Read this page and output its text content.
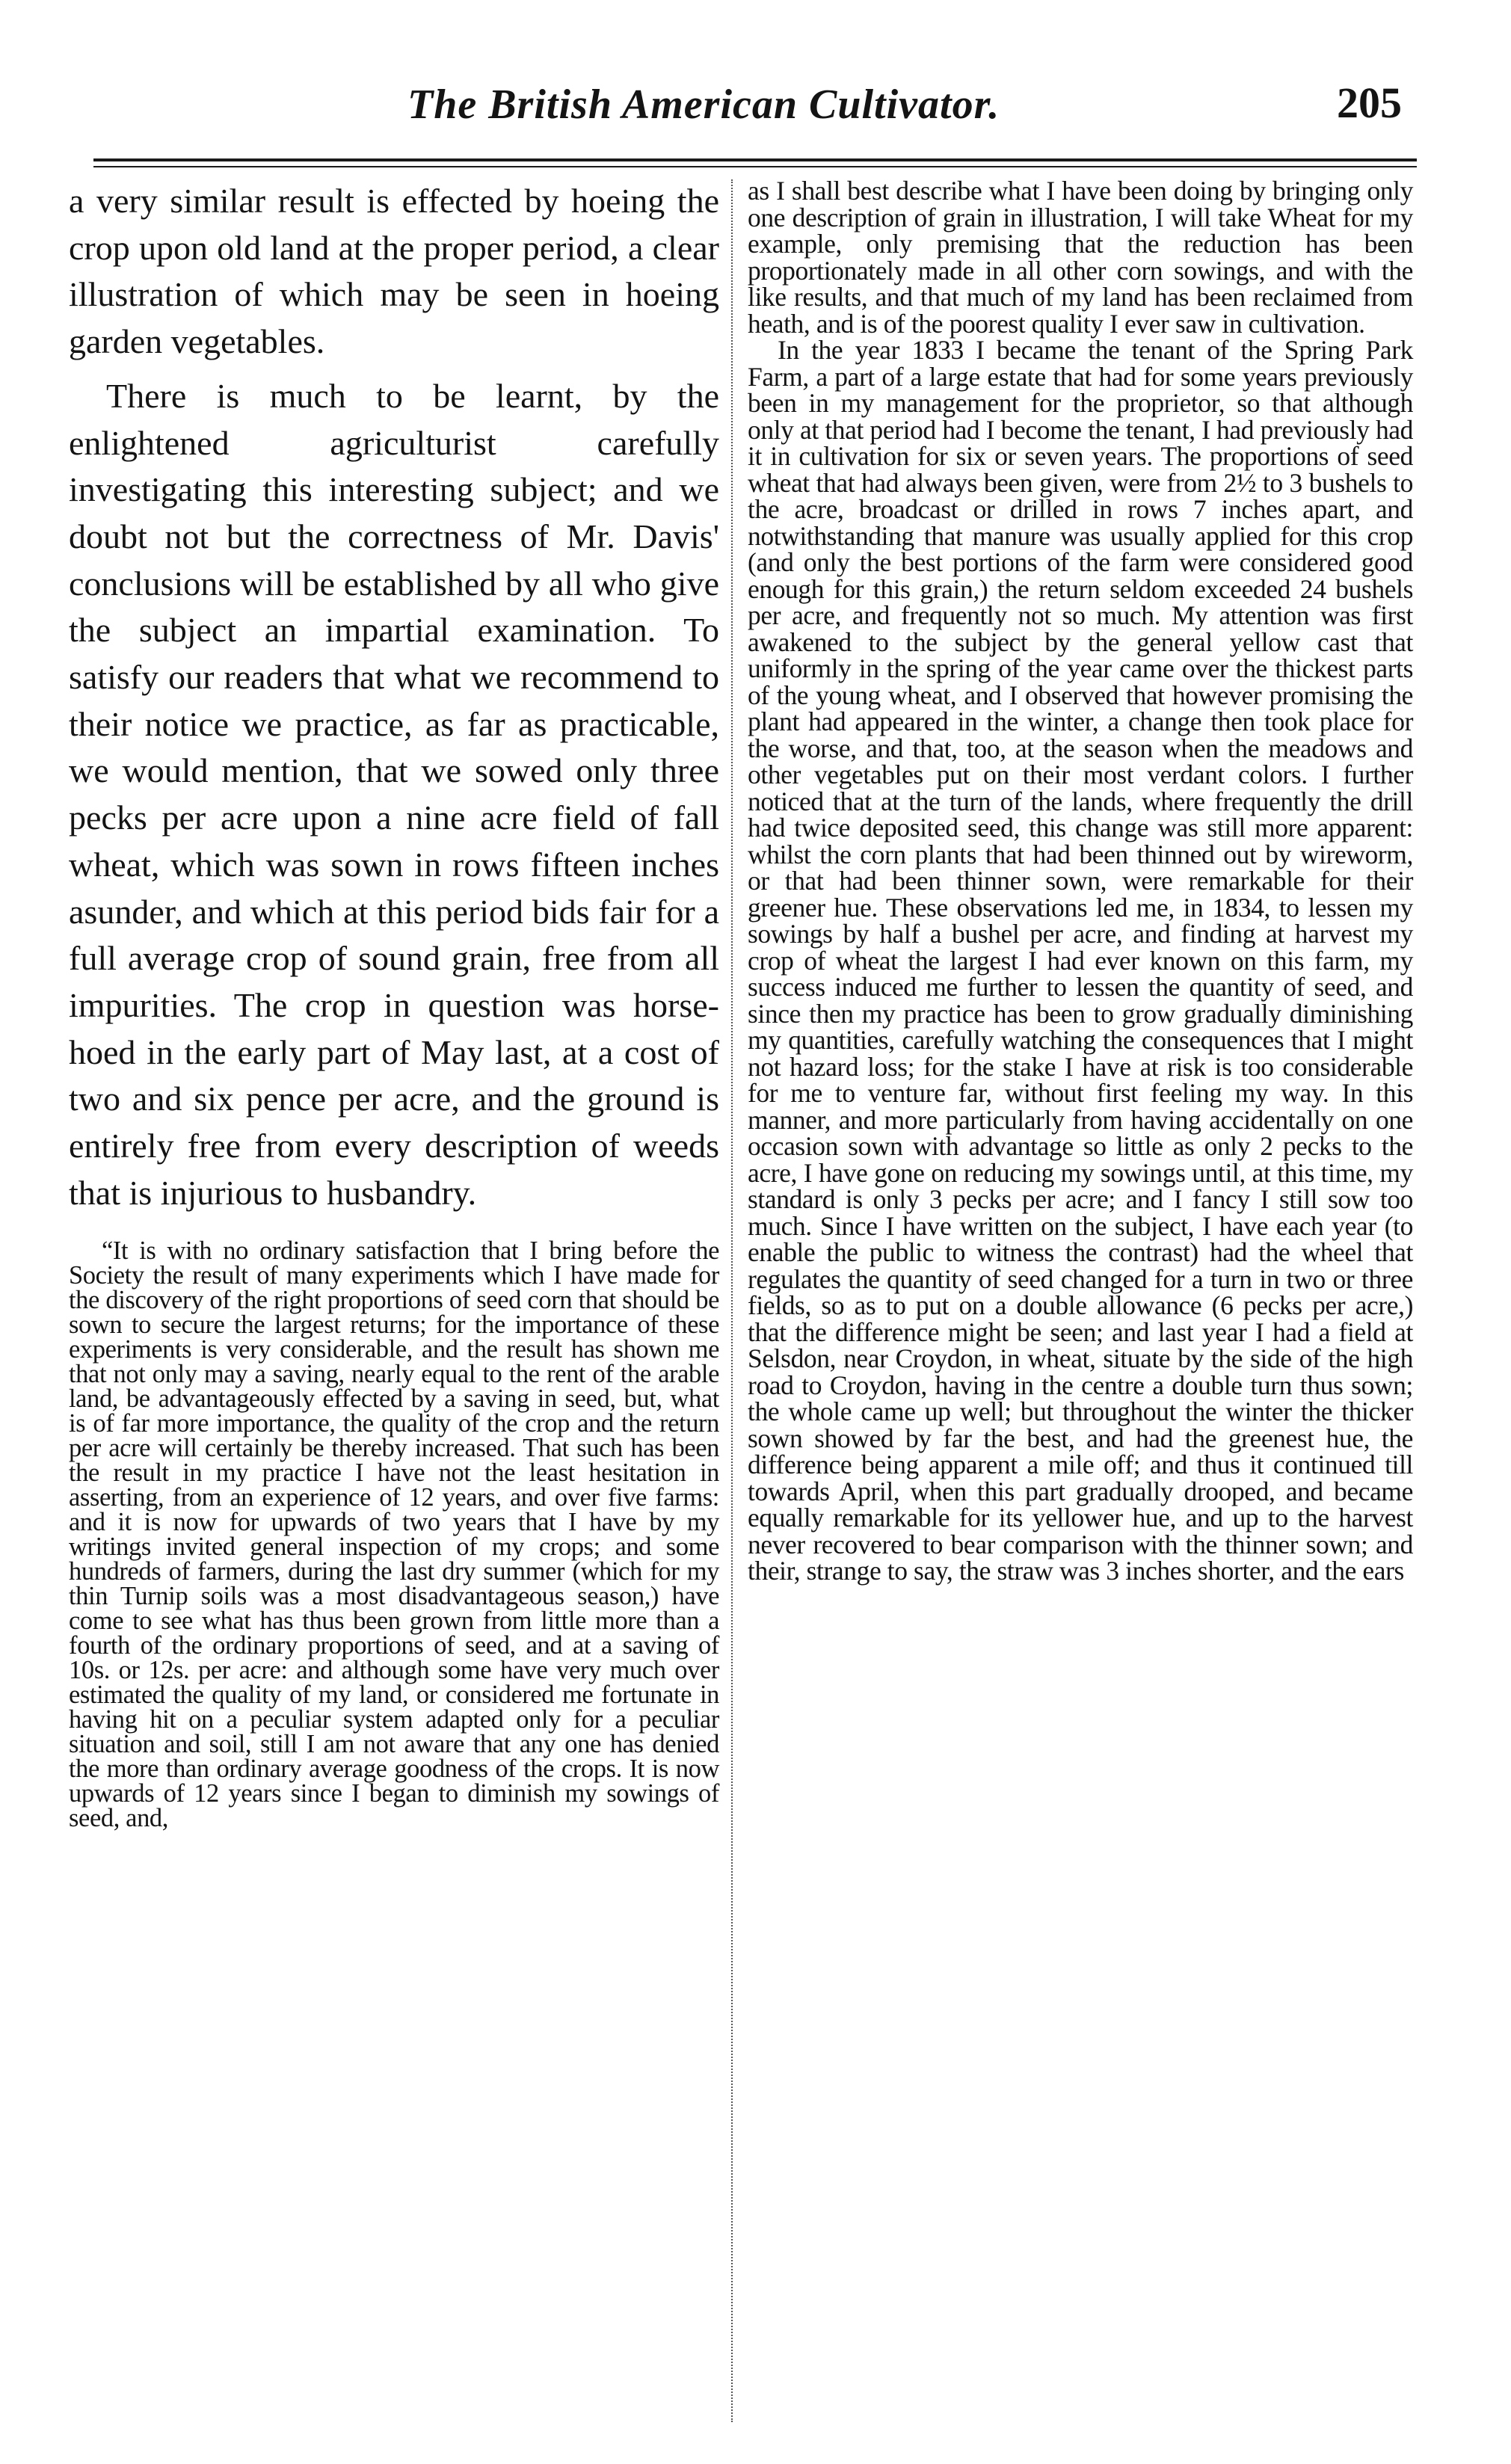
The British American Cultivator.	205

a very similar result is effected by hoeing the crop upon old land at the proper period, a clear illustration of which may be seen in hoeing garden vegetables.

There is much to be learnt, by the enlightened agriculturist carefully investigating this interesting subject; and we doubt not but the correctness of Mr. Davis' conclusions will be established by all who give the subject an impartial examination. To satisfy our readers that what we recommend to their notice we practice, as far as practicable, we would mention, that we sowed only three pecks per acre upon a nine acre field of fall wheat, which was sown in rows fifteen inches asunder, and which at this period bids fair for a full average crop of sound grain, free from all impurities. The crop in question was horse-hoed in the early part of May last, at a cost of two and six pence per acre, and the ground is entirely free from every description of weeds that is injurious to husbandry.

“It is with no ordinary satisfaction that I bring before the Society the result of many experiments which I have made for the discovery of the right proportions of seed corn that should be sown to secure the largest returns; for the importance of these experiments is very considerable, and the result has shown me that not only may a saving, nearly equal to the rent of the arable land, be advantageously effected by a saving in seed, but, what is of far more importance, the quality of the crop and the return per acre will certainly be thereby increased. That such has been the result in my practice I have not the least hesitation in asserting, from an experience of 12 years, and over five farms: and it is now for upwards of two years that I have by my writings invited general inspection of my crops; and some hundreds of farmers, during the last dry summer (which for my thin Turnip soils was a most disadvantageous season,) have come to see what has thus been grown from little more than a fourth of the ordinary proportions of seed, and at a saving of 10s. or 12s. per acre: and although some have very much over estimated the quality of my land, or considered me fortunate in having hit on a peculiar system adapted only for a peculiar situation and soil, still I am not aware that any one has denied the more than ordinary average goodness of the crops. It is now upwards of 12 years since I began to diminish my sowings of seed, and,

as I shall best describe what I have been doing by bringing only one description of grain in illustration, I will take Wheat for my example, only premising that the reduction has been proportionately made in all other corn sowings, and with the like results, and that much of my land has been reclaimed from heath, and is of the poorest quality I ever saw in cultivation.

In the year 1833 I became the tenant of the Spring Park Farm, a part of a large estate that had for some years previously been in my management for the proprietor, so that although only at that period had I become the tenant, I had previously had it in cultivation for six or seven years. The proportions of seed wheat that had always been given, were from 2½ to 3 bushels to the acre, broadcast or drilled in rows 7 inches apart, and notwithstanding that manure was usually applied for this crop (and only the best portions of the farm were considered good enough for this grain,) the return seldom exceeded 24 bushels per acre, and frequently not so much. My attention was first awakened to the subject by the general yellow cast that uniformly in the spring of the year came over the thickest parts of the young wheat, and I observed that however promising the plant had appeared in the winter, a change then took place for the worse, and that, too, at the season when the meadows and other vegetables put on their most verdant colors. I further noticed that at the turn of the lands, where frequently the drill had twice deposited seed, this change was still more apparent: whilst the corn plants that had been thinned out by wireworm, or that had been thinner sown, were remarkable for their greener hue. These observations led me, in 1834, to lessen my sowings by half a bushel per acre, and finding at harvest my crop of wheat the largest I had ever known on this farm, my success induced me further to lessen the quantity of seed, and since then my practice has been to grow gradually diminishing my quantities, carefully watching the consequences that I might not hazard loss; for the stake I have at risk is too considerable for me to venture far, without first feeling my way. In this manner, and more particularly from having accidentally on one occasion sown with advantage so little as only 2 pecks to the acre, I have gone on reducing my sowings until, at this time, my standard is only 3 pecks per acre; and I fancy I still sow too much. Since I have written on the subject, I have each year (to enable the public to witness the contrast) had the wheel that regulates the quantity of seed changed for a turn in two or three fields, so as to put on a double allowance (6 pecks per acre,) that the difference might be seen; and last year I had a field at Selsdon, near Croydon, in wheat, situate by the side of the high road to Croydon, having in the centre a double turn thus sown; the whole came up well; but throughout the winter the thicker sown showed by far the best, and had the greenest hue, the difference being apparent a mile off; and thus it continued till towards April, when this part gradually drooped, and became equally remarkable for its yellower hue, and up to the harvest never recovered to bear comparison with the thinner sown; and their, strange to say, the straw was 3 inches shorter, and the ears
